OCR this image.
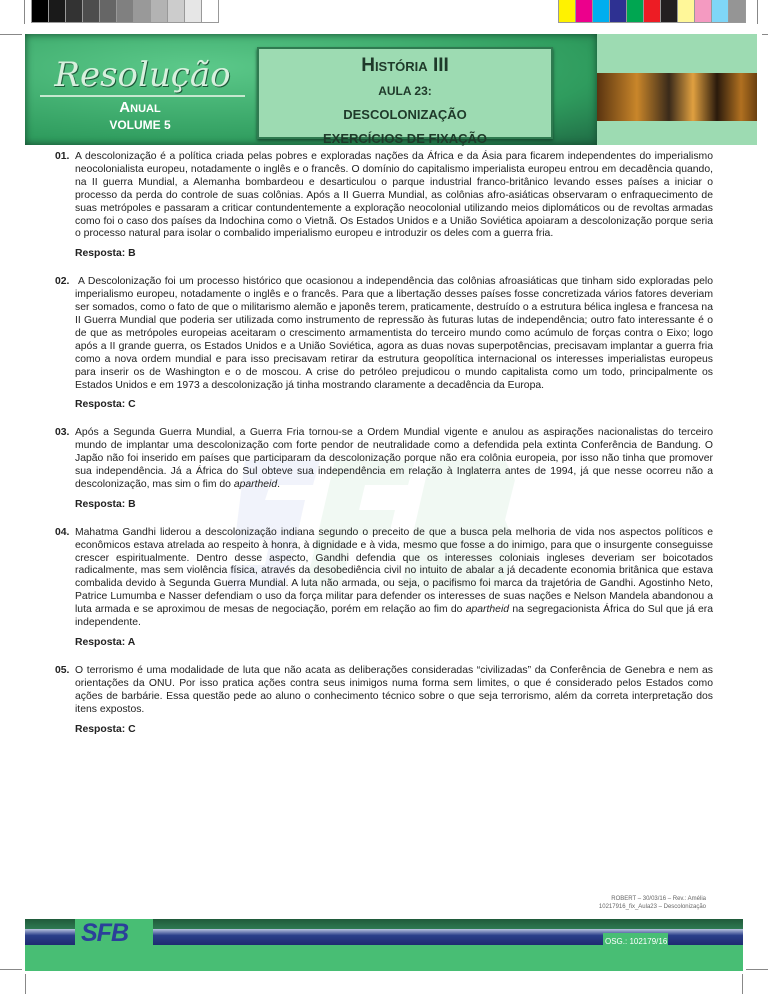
Resolução
Anual
VOLUME 5
História III
AULA 23:
DESCOLONIZAÇÃO
EXERCÍCIOS DE FIXAÇÃO
01. A descolonização é a política criada pelas pobres e exploradas nações da África e da Ásia para ficarem independentes do imperialismo neocolonialista europeu, notadamente o inglês e o francês. O domínio do capitalismo imperialista europeu entrou em decadência quando, na II guerra Mundial, a Alemanha bombardeou e desarticulou o parque industrial franco-britânico levando esses países a iniciar o processo da perda do controle de suas colônias. Após a II Guerra Mundial, as colônias afro-asiáticas observaram o enfraquecimento de suas metrópoles e passaram a criticar contundentemente a exploração neocolonial utilizando meios diplomáticos ou de revoltas armadas como foi o caso dos países da Indochina como o Vietnã. Os Estados Unidos e a União Soviética apoiaram a descolonização porque seria o processo natural para isolar o combalido imperialismo europeu e introduzir os deles com a guerra fria.
Resposta: B
02. A Descolonização foi um processo histórico que ocasionou a independência das colônias afroasiáticas que tinham sido exploradas pelo imperialismo europeu, notadamente o inglês e o francês. Para que a libertação desses países fosse concretizada vários fatores deveriam ser somados, como o fato de que o militarismo alemão e japonês terem, praticamente, destruído o a estrutura bélica inglesa e francesa na II Guerra Mundial que poderia ser utilizada como instrumento de repressão às futuras lutas de independência; outro fato interessante é o de que as metrópoles europeias aceitaram o crescimento armamentista do terceiro mundo como acúmulo de forças contra o Eixo; logo após a II grande guerra, os Estados Unidos e a União Soviética, agora as duas novas superpotências, precisavam implantar a guerra fria como a nova ordem mundial e para isso precisavam retirar da estrutura geopolítica internacional os interesses imperialistas europeus para inserir os de Washington e o de moscou. A crise do petróleo prejudicou o mundo capitalista como um todo, principalmente os Estados Unidos e em 1973 a descolonização já tinha mostrando claramente a decadência da Europa.
Resposta: C
03. Após a Segunda Guerra Mundial, a Guerra Fria tornou-se a Ordem Mundial vigente e anulou as aspirações nacionalistas do terceiro mundo de implantar uma descolonização com forte pendor de neutralidade como a defendida pela extinta Conferência de Bandung. O Japão não foi inserido em países que participaram da descolonização porque não era colônia europeia, por isso não tinha que promover sua independência. Já a África do Sul obteve sua independência em relação à Inglaterra antes de 1994, já que nesse ocorreu não a descolonização, mas sim o fim do apartheid.
Resposta: B
04. Mahatma Gandhi liderou a descolonização indiana segundo o preceito de que a busca pela melhoria de vida nos aspectos políticos e econômicos estava atrelada ao respeito à honra, à dignidade e à vida, mesmo que fosse a do inimigo, para que o insurgente conseguisse crescer espiritualmente. Dentro desse aspecto, Gandhi defendia que os interesses coloniais ingleses deveriam ser boicotados radicalmente, mas sem violência física, através da desobediência civil no intuito de abalar a já decadente economia britânica que estava combalida devido à Segunda Guerra Mundial. A luta não armada, ou seja, o pacifismo foi marca da trajetória de Gandhi. Agostinho Neto, Patrice Lumumba e Nasser defendiam o uso da força militar para defender os interesses de suas nações e Nelson Mandela abandonou a luta armada e se aproximou de mesas de negociação, porém em relação ao fim do apartheid na segregacionista África do Sul que já era independente.
Resposta: A
05. O terrorismo é uma modalidade de luta que não acata as deliberações consideradas “civilizadas” da Conferência de Genebra e nem as orientações da ONU. Por isso pratica ações contra seus inimigos numa forma sem limites, o que é considerado pelos Estados como ações de barbárie. Essa questão pede ao aluno o conhecimento técnico sobre o que seja terrorismo, além da correta interpretação dos itens expostos.
Resposta: C
ROBERT – 30/03/16 – Rev.: Amélia
10217916_fix_Aula23 – Descolonização
SFB	OSG.: 102179/16
